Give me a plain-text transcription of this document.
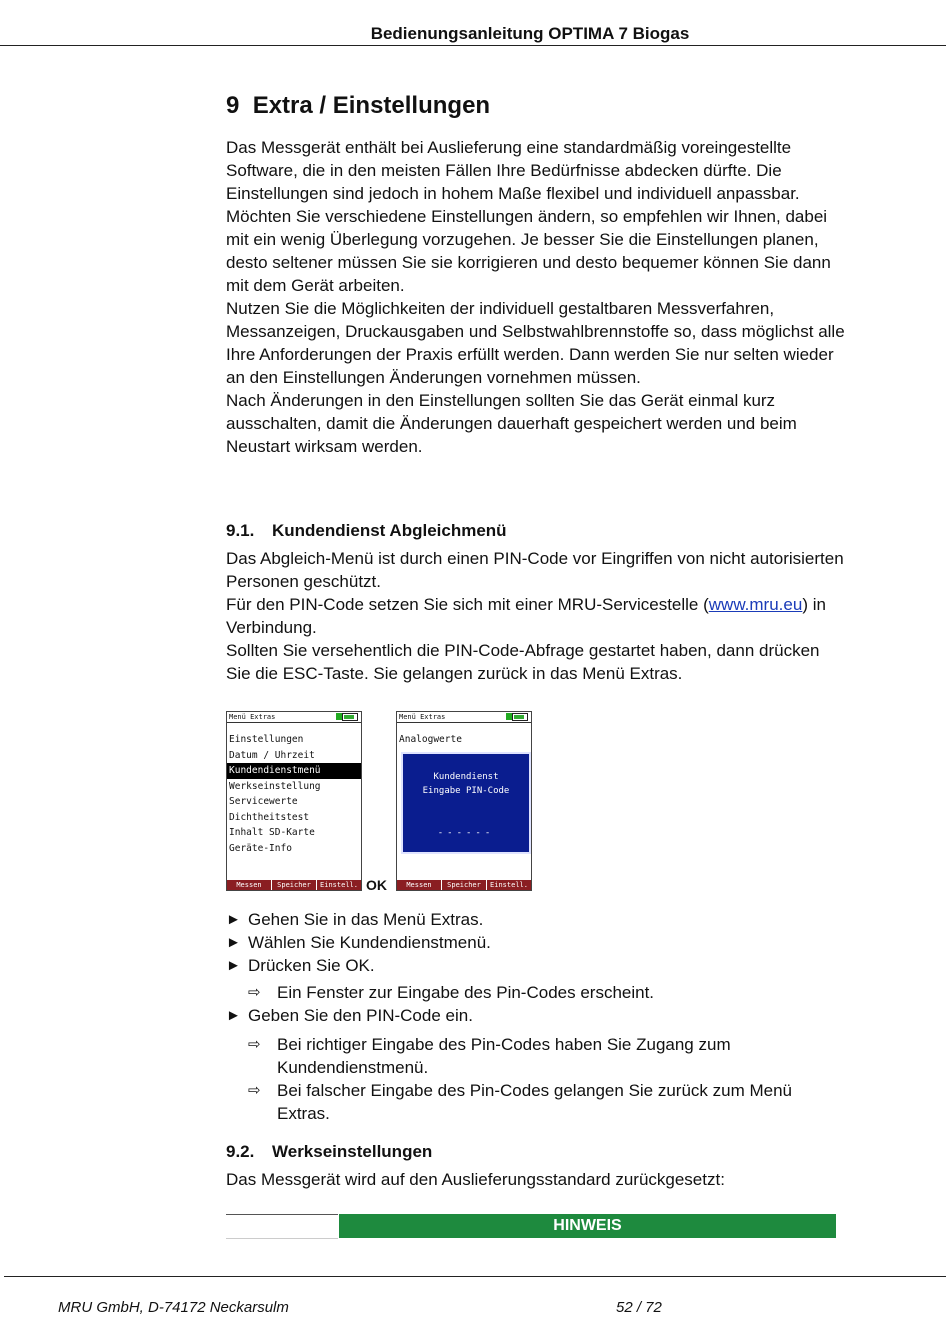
Bedienungsanleitung OPTIMA 7 Biogas
9 Extra / Einstellungen

Das Messgerät enthält bei Auslieferung eine standardmäßig voreingestellte Software, die in den meisten Fällen Ihre Bedürfnisse abdecken dürfte. Die Einstellungen sind jedoch in hohem Maße flexibel und individuell anpassbar.

Möchten Sie verschiedene Einstellungen ändern, so empfehlen wir Ihnen, dabei mit ein wenig Überlegung vorzugehen. Je besser Sie die Einstellungen planen, desto seltener müssen Sie sie korrigieren und desto bequemer können Sie dann mit dem Gerät arbeiten.

Nutzen Sie die Möglichkeiten der individuell gestaltbaren Messverfahren, Messanzeigen, Druckausgaben und Selbstwahlbrennstoffe so, dass möglichst alle Ihre Anforderungen der Praxis erfüllt werden. Dann werden Sie nur selten wieder an den Einstellungen Änderungen vornehmen müssen.

Nach Änderungen in den Einstellungen sollten Sie das Gerät einmal kurz ausschalten, damit die Änderungen dauerhaft gespeichert werden und beim Neustart wirksam werden.

9.1. Kundendienst Abgleichmenü

Das Abgleich-Menü ist durch einen PIN-Code vor Eingriffen von nicht autorisierten Personen geschützt.

Für den PIN-Code setzen Sie sich mit einer MRU-Servicestelle (www.mru.eu) in Verbindung.

Sollten Sie versehentlich die PIN-Code-Abfrage gestartet haben, dann drücken Sie die ESC-Taste. Sie gelangen zurück in das Menü Extras.

Menü Extras
Einstellungen
Datum / Uhrzeit
Kundendienstmenü
Werkseinstellung
Servicewerte
Dichtheitstest
Inhalt SD-Karte
Geräte-Info
Messen	Speicher	Einstell. OK
Menü Extras
Analogwerte
Kundendienst
Eingabe PIN-Code
------
Messen	Speicher	Einstell.
► Gehen Sie in das Menü Extras.
► Wählen Sie Kundendienstmenü.
► Drücken Sie OK.
⇨ Ein Fenster zur Eingabe des Pin-Codes erscheint.
► Geben Sie den PIN-Code ein.
⇨ Bei richtiger Eingabe des Pin-Codes haben Sie Zugang zum Kundendienstmenü.
⇨ Bei falscher Eingabe des Pin-Codes gelangen Sie zurück zum Menü Extras.
9.2. Werkseinstellungen

Das Messgerät wird auf den Auslieferungsstandard zurückgesetzt:

HINWEIS
MRU GmbH, D-74172 Neckarsulm	52 / 72
